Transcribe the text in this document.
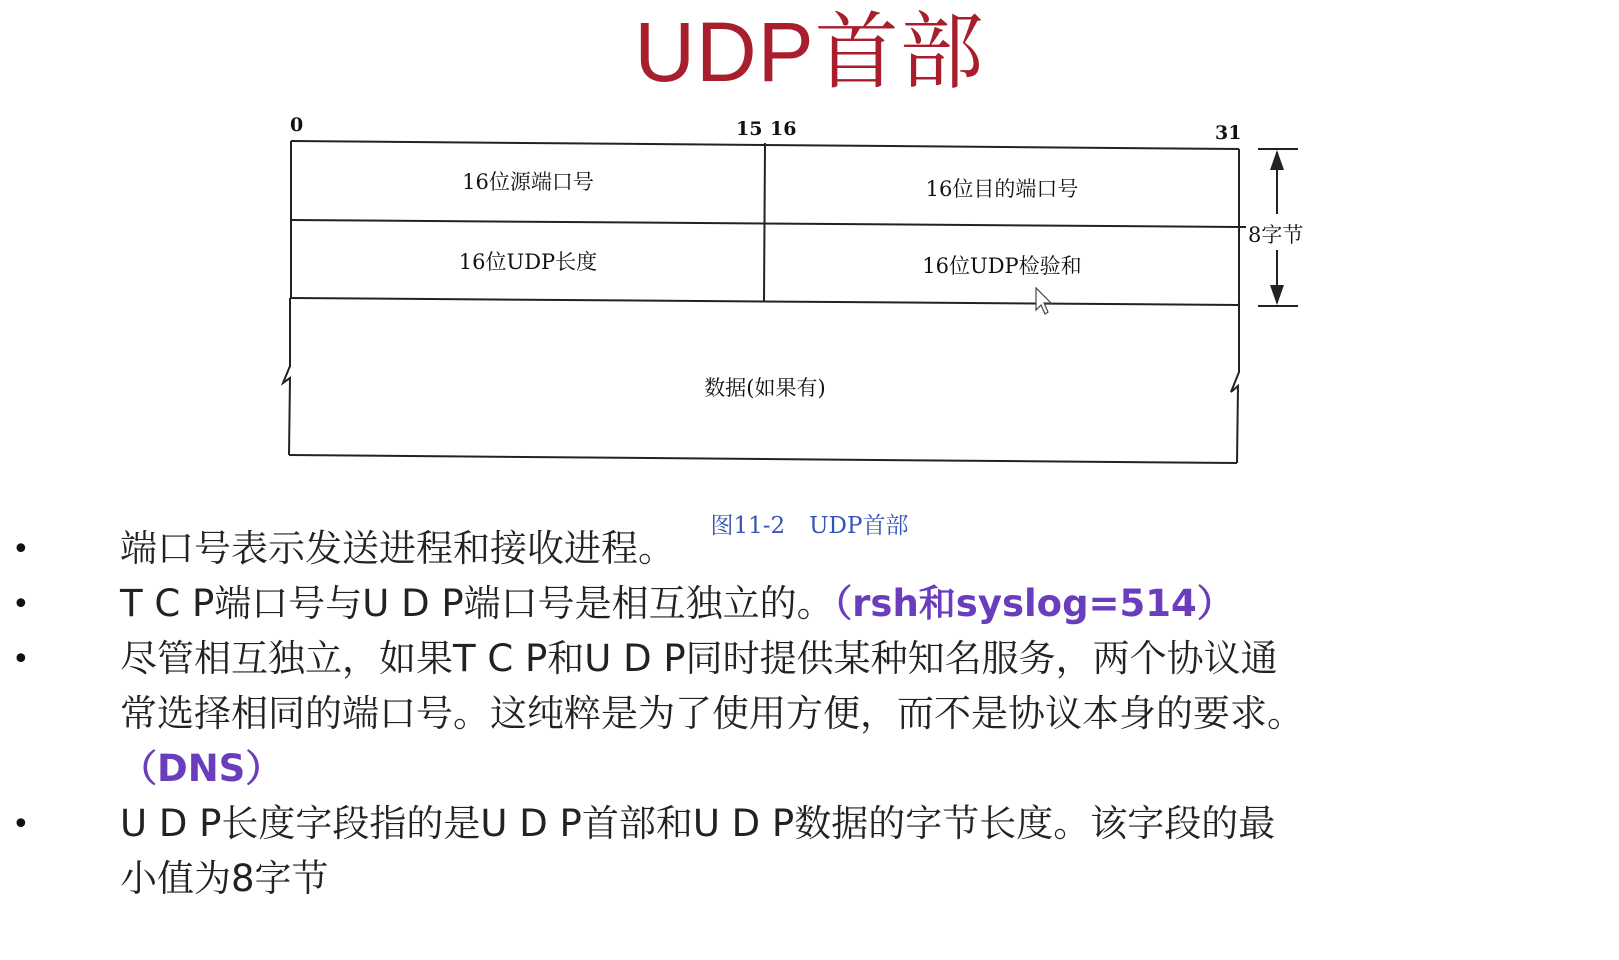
UDP首部
0	15 16	31
16位源端口号	16位目的端口号
16位UDP长度	16位UDP检验和
数据(如果有)
8字节
图11-2 UDP首部
• 端口号表示发送进程和接收进程。
• T C P端口号与U D P端口号是相互独立的。（rsh和syslog=514）
• 尽管相互独立，如果T C P和U D P同时提供某种知名服务，两个协议通
常选择相同的端口号。这纯粹是为了使用方便，而不是协议本身的要求。
（DNS）
• U D P长度字段指的是U D P首部和U D P数据的字节长度。该字段的最
小值为8字节
